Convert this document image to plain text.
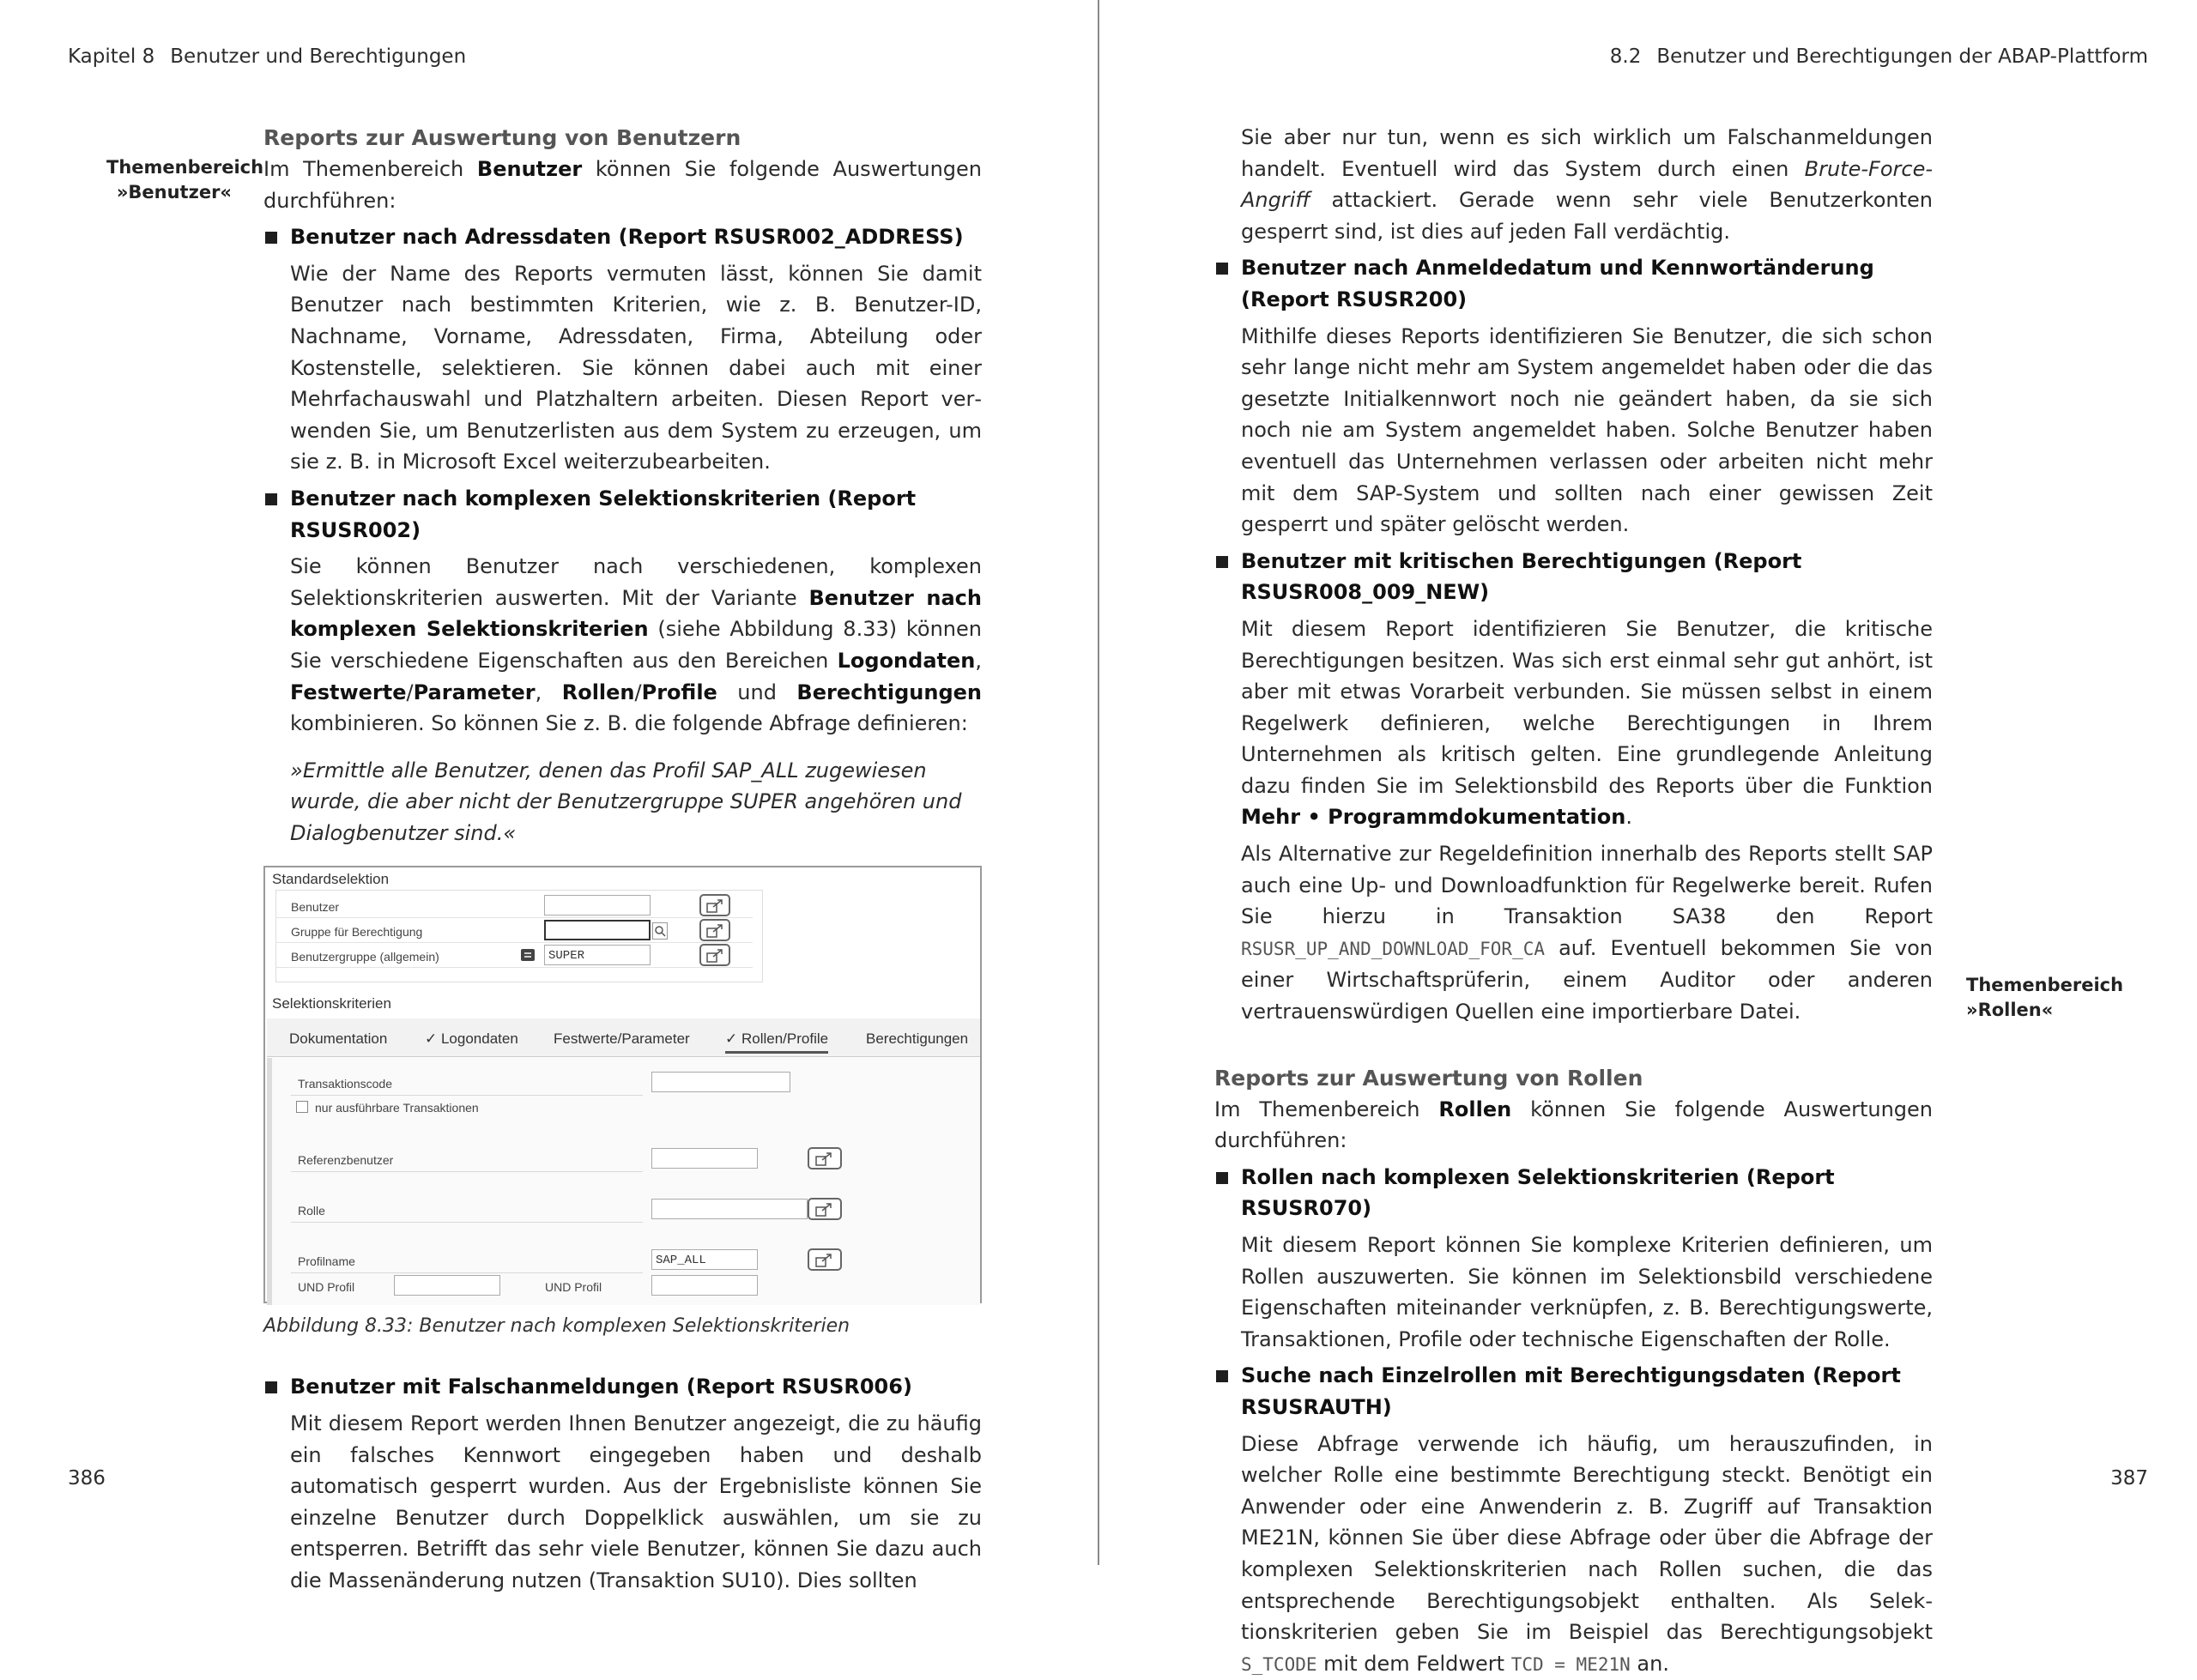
Kapitel 8 Benutzer und Berechtigungen
Themenbereich
»Benutzer«
Reports zur Auswertung von Benutzern
Im Themenbereich Benutzer können Sie folgende Auswertungen durchführen:
Benutzer nach Adressdaten (Report RSUSR002_ADDRESS)
Wie der Name des Reports vermuten lässt, können Sie damit Benutzer nach bestimmten Kriterien, wie z. B. Benutzer-ID, Nachname, Vorname, Adressdaten, Firma, Abteilung oder Kostenstelle, selektieren. Sie können dabei auch mit einer Mehrfachauswahl und Platzhaltern arbeiten. Diesen Report verwenden Sie, um Benutzerlisten aus dem System zu erzeugen, um sie z. B. in Microsoft Excel weiterzubearbeiten.
Benutzer nach komplexen Selektionskriterien (Report RSUSR002)
Sie können Benutzer nach verschiedenen, komplexen Selektionskriterien auswerten. Mit der Variante Benutzer nach komplexen Selektionskriterien (siehe Abbildung 8.33) können Sie verschiedene Eigenschaften aus den Bereichen Logondaten, Festwerte/Parameter, Rollen/Profile und Berechtigungen kombinieren. So können Sie z. B. die folgende Abfrage definieren:
»Ermittle alle Benutzer, denen das Profil SAP_ALL zugewiesen wurde, die aber nicht der Benutzergruppe SUPER angehören und Dialogbenutzer sind.«
Standardselektion
Benutzer
Gruppe für Berechtigung
Benutzergruppe (allgemein)	SUPER
Selektionskriterien
Dokumentation	✓ Logondaten Festwerte/Parameter ✓ Rollen/Profile	Berechtigungen
Transaktionscode
nur ausführbare Transaktionen
Referenzbenutzer
Rolle
Profilname	SAP_ALL
UND Profil	UND Profil
Abbildung 8.33: Benutzer nach komplexen Selektionskriterien
Benutzer mit Falschanmeldungen (Report RSUSR006)
Mit diesem Report werden Ihnen Benutzer angezeigt, die zu häufig ein falsches Kennwort eingegeben haben und deshalb automatisch gesperrt wurden. Aus der Ergebnisliste können Sie einzelne Benutzer durch Doppelklick auswählen, um sie zu entsperren. Betrifft das sehr viele Benutzer, können Sie dazu auch die Massenänderung nutzen (Transaktion SU10). Dies sollten
386
8.2 Benutzer und Berechtigungen der ABAP-Plattform
Sie aber nur tun, wenn es sich wirklich um Falschanmeldungen handelt. Eventuell wird das System durch einen Brute-Force-Angriff attackiert. Gerade wenn sehr viele Benutzerkonten gesperrt sind, ist dies auf jeden Fall verdächtig.
Benutzer nach Anmeldedatum und Kennwortänderung (Report RSUSR200)
Mithilfe dieses Reports identifizieren Sie Benutzer, die sich schon sehr lange nicht mehr am System angemeldet haben oder die das gesetzte Initialkennwort noch nie geändert haben, da sie sich noch nie am System angemeldet haben. Solche Benutzer haben eventuell das Unternehmen verlassen oder arbeiten nicht mehr mit dem SAP-System und sollten nach einer gewissen Zeit gesperrt und später gelöscht werden.
Benutzer mit kritischen Berechtigungen (Report RSUSR008_009_NEW)
Mit diesem Report identifizieren Sie Benutzer, die kritische Berechtigungen besitzen. Was sich erst einmal sehr gut anhört, ist aber mit etwas Vorarbeit verbunden. Sie müssen selbst in einem Regelwerk definieren, welche Berechtigungen in Ihrem Unternehmen als kritisch gelten. Eine grundlegende Anleitung dazu finden Sie im Selektionsbild des Reports über die Funktion Mehr • Programmdokumentation.
Als Alternative zur Regeldefinition innerhalb des Reports stellt SAP auch eine Up- und Downloadfunktion für Regelwerke bereit. Rufen Sie hierzu in Transaktion SA38 den Report RSUSR_UP_AND_DOWNLOAD_FOR_CA auf. Eventuell bekommen Sie von einer Wirtschaftsprüferin, einem Auditor oder anderen vertrauenswürdigen Quellen eine importierbare Datei.
Reports zur Auswertung von Rollen
Im Themenbereich Rollen können Sie folgende Auswertungen durchführen:
Rollen nach komplexen Selektionskriterien (Report RSUSR070)
Mit diesem Report können Sie komplexe Kriterien definieren, um Rollen auszuwerten. Sie können im Selektionsbild verschiedene Eigenschaften miteinander verknüpfen, z. B. Berechtigungswerte, Transaktionen, Profile oder technische Eigenschaften der Rolle.
Suche nach Einzelrollen mit Berechtigungsdaten (Report RSUSRAUTH)
Diese Abfrage verwende ich häufig, um herauszufinden, in welcher Rolle eine bestimmte Berechtigung steckt. Benötigt ein Anwender oder eine Anwenderin z. B. Zugriff auf Transaktion ME21N, können Sie über diese Abfrage oder über die Abfrage der komplexen Selektionskriterien nach Rollen suchen, die das entsprechende Berechtigungsobjekt enthalten. Als Selektionskriterien geben Sie im Beispiel das Berechtigungsobjekt S_TCODE mit dem Feldwert TCD = ME21N an.
Themenbereich
»Rollen«
387
